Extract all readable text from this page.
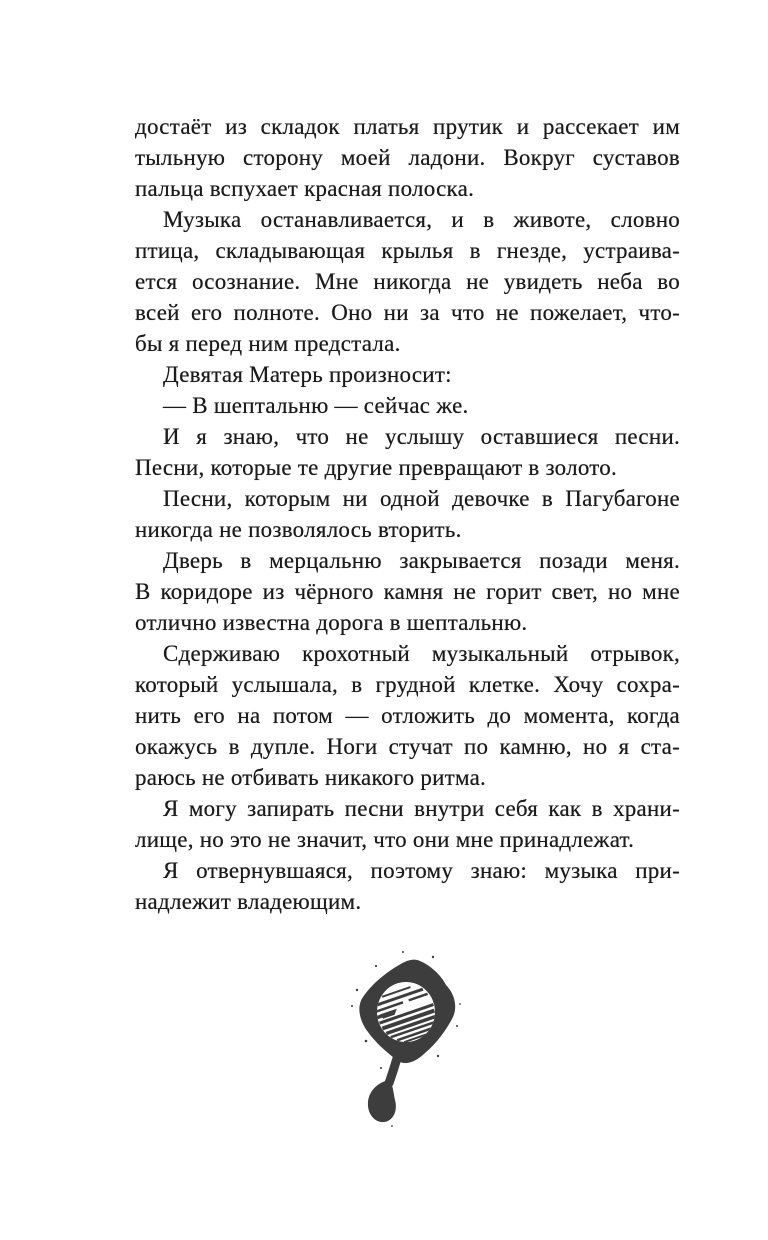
достаёт из складок платья прутик и рассекает им
тыльную сторону моей ладони. Вокруг суставов
пальца вспухает красная полоска.
Музыка останавливается, и в животе, словно
птица, складывающая крылья в гнезде, устраива-
ется осознание. Мне никогда не увидеть неба во
всей его полноте. Оно ни за что не пожелает, что-
бы я перед ним предстала.
Девятая Матерь произносит:
— В шептальню — сейчас же.
И я знаю, что не услышу оставшиеся песни.
Песни, которые те другие превращают в золото.
Песни, которым ни одной девочке в Пагубагоне
никогда не позволялось вторить.
Дверь в мерцальню закрывается позади меня.
В коридоре из чёрного камня не горит свет, но мне
отлично известна дорога в шептальню.
Сдерживаю крохотный музыкальный отрывок,
который услышала, в грудной клетке. Хочу сохра-
нить его на потом — отложить до момента, когда
окажусь в дупле. Ноги стучат по камню, но я ста-
раюсь не отбивать никакого ритма.
Я могу запирать песни внутри себя как в храни-
лище, но это не значит, что они мне принадлежат.
Я отвернувшаяся, поэтому знаю: музыка при-
надлежит владеющим.
